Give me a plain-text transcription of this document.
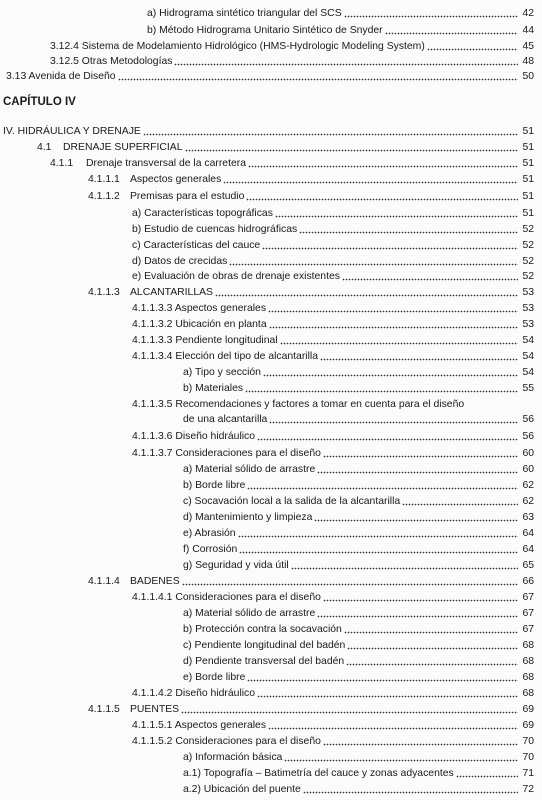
a) Hidrograma sintético triangular del SCS	42
b) Método Hidrograma Unitario Sintético de Snyder	44
3.12.4 Sistema de Modelamiento Hidrológico (HMS-Hydrologic Modeling System)	45
3.12.5 Otras Metodologías	48
3.13 Avenida de Diseño	50
CAPÍTULO IV
IV. HIDRÁULICA Y DRENAJE	51
4.1 DRENAJE SUPERFICIAL	51
4.1.1 Drenaje transversal de la carretera	51
4.1.1.1 Aspectos generales	51
4.1.1.2 Premisas para el estudio	51
a) Características topográficas	51
b) Estudio de cuencas hidrográficas	52
c) Características del cauce	52
d) Datos de crecidas	52
e) Evaluación de obras de drenaje existentes	52
4.1.1.3 ALCANTARILLAS	53
4.1.1.3.3 Aspectos generales	53
4.1.1.3.2 Ubicación en planta	53
4.1.1.3.3 Pendiente longitudinal	54
4.1.1.3.4 Elección del tipo de alcantarilla	54
a) Tipo y sección	54
b) Materiales	55
4.1.1.3.5 Recomendaciones y factores a tomar en cuenta para el diseño
de una alcantarilla	56
4.1.1.3.6 Diseño hidráulico	56
4.1.1.3.7 Consideraciones para el diseño	60
a) Material sólido de arrastre	60
b) Borde libre	62
c) Socavación local a la salida de la alcantarilla	62
d) Mantenimiento y limpieza	63
e) Abrasión	64
f) Corrosión	64
g) Seguridad y vida útil	65
4.1.1.4 BADENES	66
4.1.1.4.1 Consideraciones para el diseño	67
a) Material sólido de arrastre	67
b) Protección contra la socavación	67
c) Pendiente longitudinal del badén	68
d) Pendiente transversal del badén	68
e) Borde libre	68
4.1.1.4.2 Diseño hidráulico	68
4.1.1.5 PUENTES	69
4.1.1.5.1 Aspectos generales	69
4.1.1.5.2 Consideraciones para el diseño	70
a) Información básica	70
a.1) Topografía – Batimetría del cauce y zonas adyacentes	71
a.2) Ubicación del puente	72
